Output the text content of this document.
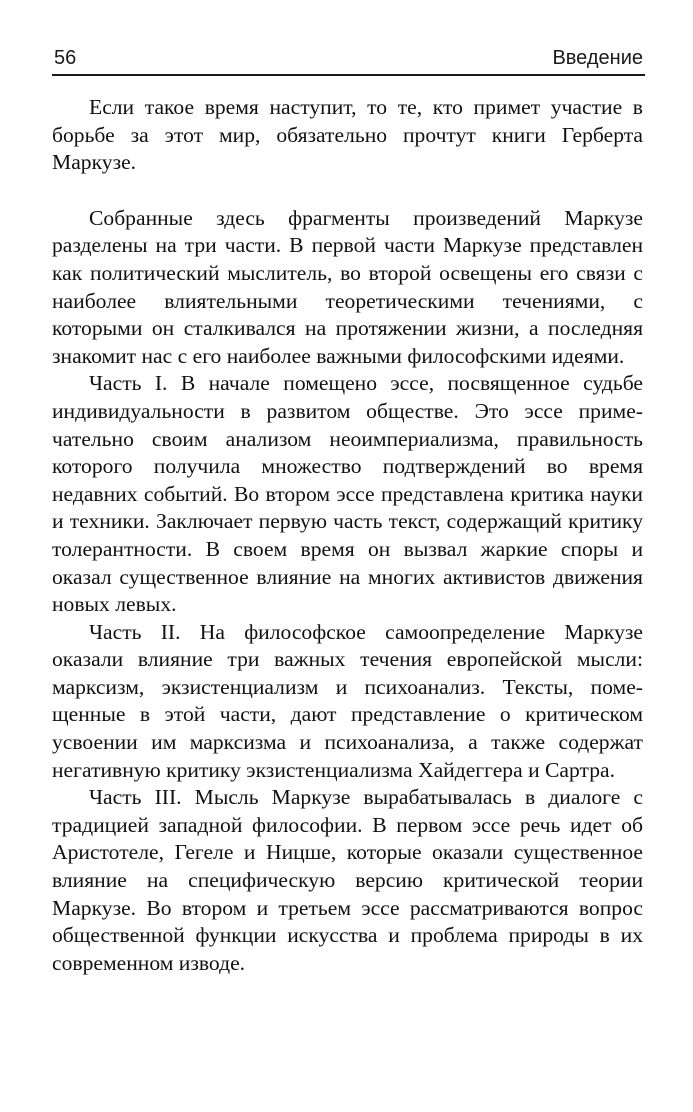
56	Введение

Если такое время наступит, то те, кто примет участие в борьбе за этот мир, обязательно прочтут книги Герберта Маркузе.

Собранные здесь фрагменты произведений Маркузе разделены на три части. В первой части Маркузе представлен как политический мыслитель, во второй освещены его связи с наиболее влиятельными теоретическими течениями, с которыми он сталкивался на протяжении жизни, а последняя знакомит нас с его наиболее важными философскими идеями.

Часть I. В начале помещено эссе, посвященное судьбе индивидуальности в развитом обществе. Это эссе примечательно своим анализом неоимпериализма, правильность которого получила множество подтверждений во время недавних событий. Во втором эссе представлена критика науки и техники. Заключает первую часть текст, содержащий критику толерантности. В своем время он вызвал жаркие споры и оказал существенное влияние на многих активистов движения новых левых.

Часть II. На философское самоопределение Маркузе оказали влияние три важных течения европейской мысли: марксизм, экзистенциализм и психоанализ. Тексты, помещенные в этой части, дают представление о критическом усвоении им марксизма и психоанализа, а также содержат негативную критику экзистенциализма Хайдеггера и Сартра.

Часть III. Мысль Маркузе вырабатывалась в диалоге с традицией западной философии. В первом эссе речь идет об Аристотеле, Гегеле и Ницше, которые оказали существенное влияние на специфическую версию критической теории Маркузе. Во втором и третьем эссе рассматриваются вопрос общественной функции искусства и проблема природы в их современном изводе.
